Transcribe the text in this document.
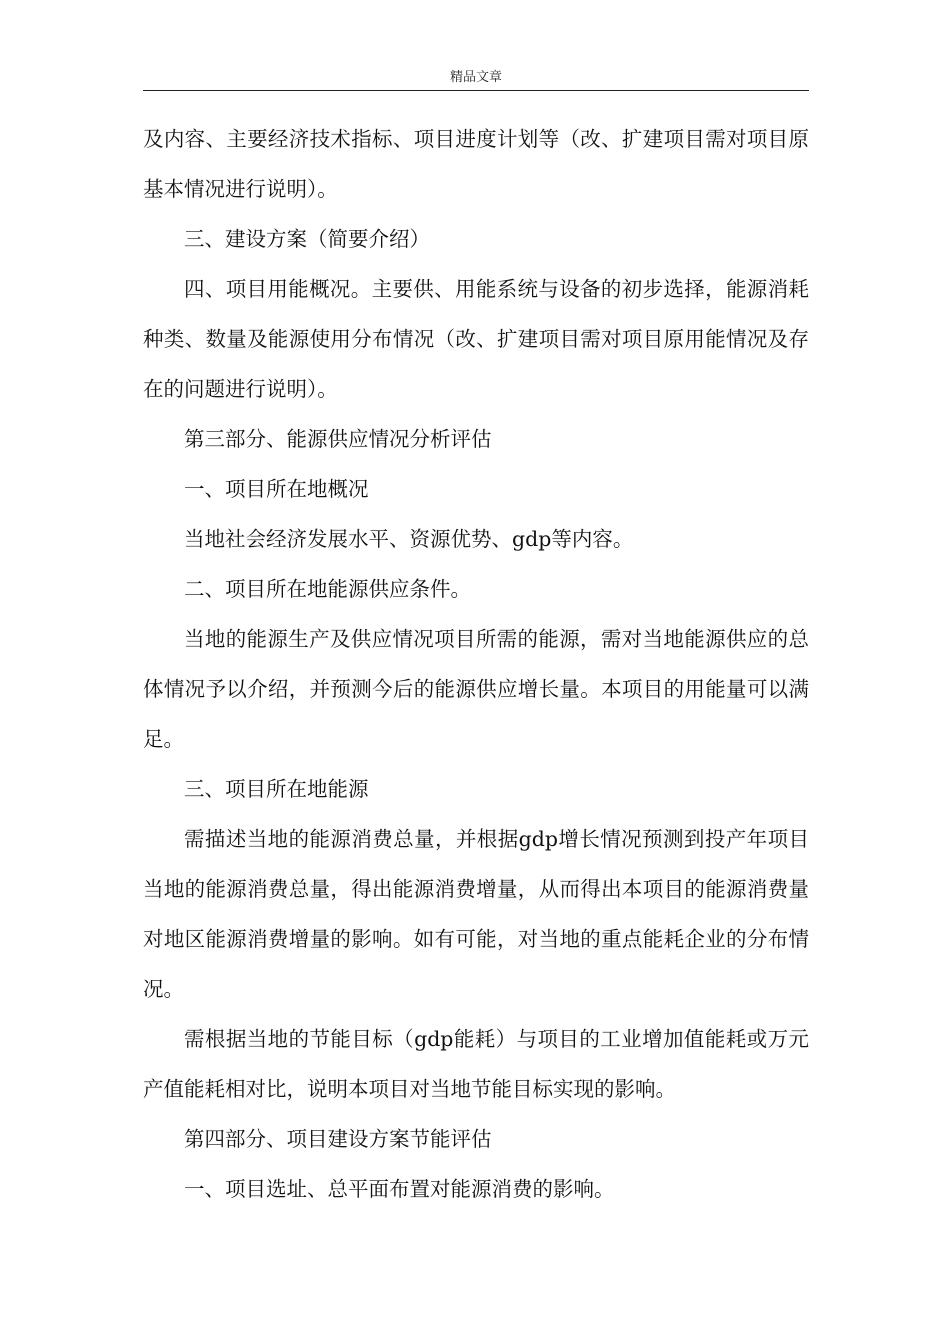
精品文章

及内容、主要经济技术指标、项目进度计划等（改、扩建项目需对项目原基本情况进行说明）。

三、建设方案（简要介绍）

四、项目用能概况。主要供、用能系统与设备的初步选择，能源消耗种类、数量及能源使用分布情况（改、扩建项目需对项目原用能情况及存在的问题进行说明）。

第三部分、能源供应情况分析评估

一、项目所在地概况

当地社会经济发展水平、资源优势、gdp等内容。

二、项目所在地能源供应条件。

当地的能源生产及供应情况项目所需的能源，需对当地能源供应的总体情况予以介绍，并预测今后的能源供应增长量。本项目的用能量可以满足。

三、项目所在地能源

需描述当地的能源消费总量，并根据gdp增长情况预测到投产年项目当地的能源消费总量，得出能源消费增量，从而得出本项目的能源消费量对地区能源消费增量的影响。如有可能，对当地的重点能耗企业的分布情况。

需根据当地的节能目标（gdp能耗）与项目的工业增加值能耗或万元产值能耗相对比，说明本项目对当地节能目标实现的影响。

第四部分、项目建设方案节能评估

一、项目选址、总平面布置对能源消费的影响。
